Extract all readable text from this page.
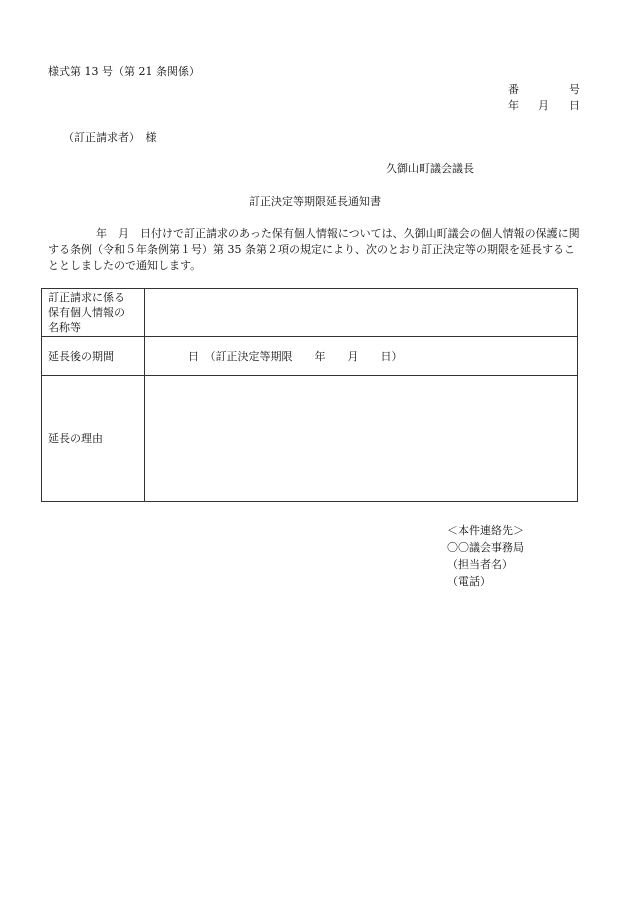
様式第 13 号（第 21 条関係）
番	号
年 月 日
（訂正請求者）　様
久御山町議会議長
訂正決定等期限延長通知書
年　月　日付けで訂正請求のあった保有個人情報については、久御山町議会の個人情報の保護に関する条例（令和５年条例第１号）第 35 条第２項の規定により、次のとおり訂正決定等の期限を延長することとしましたので通知します。
訂正請求に係る
保有個人情報の
名称等	

延長後の期間	日　（訂正決定等期限　　年　　月　　日）
延長の理由	
＜本件連絡先＞
〇〇議会事務局
（担当者名）
（電話）
